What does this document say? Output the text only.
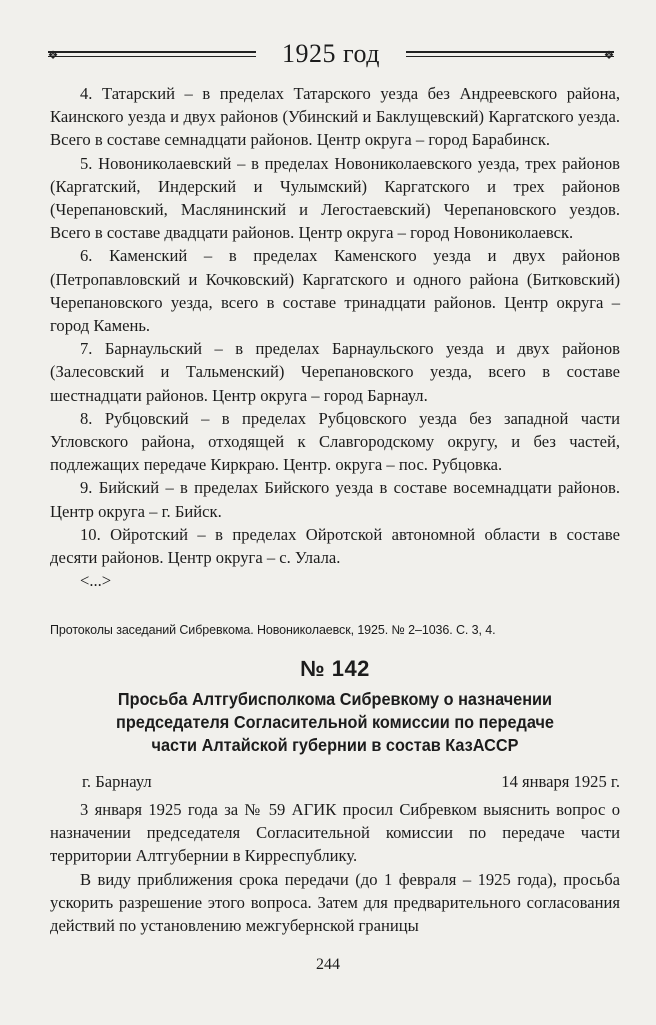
❖	1925 год	❖

4. Татарский – в пределах Татарского уезда без Андреевского района, Каинского уезда и двух районов (Убинский и Баклущевский) Каргатского уезда. Всего в составе семнадцати районов. Центр округа – город Барабинск.

5. Новониколаевский – в пределах Новониколаевского уезда, трех районов (Каргатский, Индерский и Чулымский) Каргатского и трех районов (Черепановский, Маслянинский и Легостаевский) Черепановского уездов. Всего в составе двадцати районов. Центр округа – город Новониколаевск.

6. Каменский – в пределах Каменского уезда и двух районов (Петропавловский и Кочковский) Каргатского и одного района (Битковский) Черепановского уезда, всего в составе тринадцати районов. Центр округа – город Камень.

7. Барнаульский – в пределах Барнаульского уезда и двух районов (Залесовский и Тальменский) Черепановского уезда, всего в составе шестнадцати районов. Центр округа – город Барнаул.

8. Рубцовский – в пределах Рубцовского уезда без западной части Угловского района, отходящей к Славгородскому округу, и без частей, подлежащих передаче Киркраю. Центр. округа – пос. Рубцовка.

9. Бийский – в пределах Бийского уезда в составе восемнадцати районов. Центр округа – г. Бийск.

10. Ойротский – в пределах Ойротской автономной области в составе десяти районов. Центр округа – с. Улала.

<...>

Протоколы заседаний Сибревкома. Новониколаевск, 1925. № 2–1036. С. 3, 4.
№ 142
Просьба Алтгубисполкома Сибревкому о назначении председателя Согласительной комиссии по передаче части Алтайской губернии в состав КазАССР
г. Барнаул	14 января 1925 г.

3 января 1925 года за № 59 АГИК просил Сибревком выяснить вопрос о назначении председателя Согласительной комиссии по передаче части территории Алтгубернии в Кирреспублику.

В виду приближения срока передачи (до 1 февраля – 1925 года), просьба ускорить разрешение этого вопроса. Затем для предварительного согласования действий по установлению межгубернской границы

244
